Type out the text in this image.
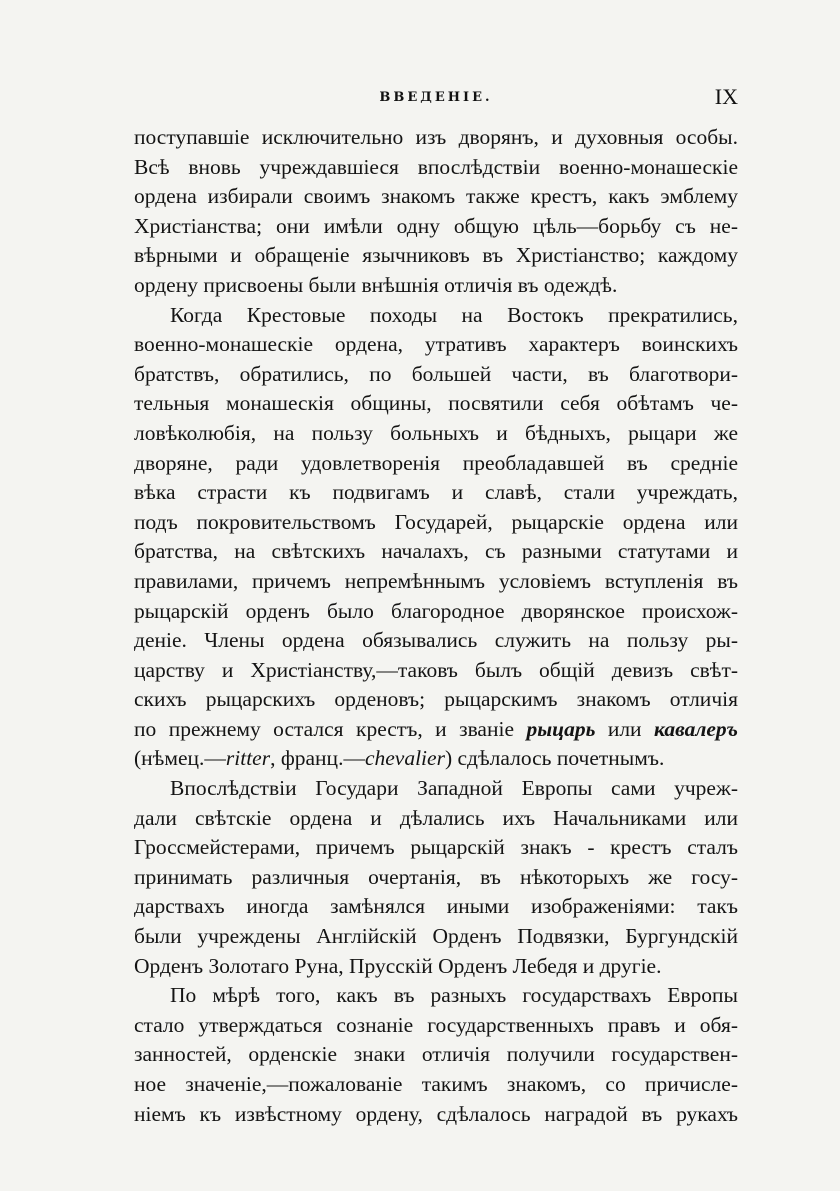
ВВЕДЕНІЕ.	IX
поступавшіе исключительно изъ дворянъ, и духовныя особы.
Всѣ вновь учреждавшіеся впослѣдствіи военно-монашескіе
ордена избирали своимъ знакомъ также крестъ, какъ эмблему
Христіанства; они имѣли одну общую цѣль—борьбу съ не-
вѣрными и обращеніе язычниковъ въ Христіанство; каждому
ордену присвоены были внѣшнія отличія въ одеждѣ.
Когда Крестовые походы на Востокъ прекратились,
военно-монашескіе ордена, утративъ характеръ воинскихъ
братствъ, обратились, по большей части, въ благотвори-
тельныя монашескія общины, посвятили себя обѣтамъ че-
ловѣколюбія, на пользу больныхъ и бѣдныхъ, рыцари же
дворяне, ради удовлетворенія преобладавшей въ средніе
вѣка страсти къ подвигамъ и славѣ, стали учреждать,
подъ покровительствомъ Государей, рыцарскіе ордена или
братства, на свѣтскихъ началахъ, съ разными статутами и
правилами, причемъ непремѣннымъ условіемъ вступленія въ
рыцарскій орденъ было благородное дворянское происхож-
деніе. Члены ордена обязывались служить на пользу ры-
царству и Христіанству,—таковъ былъ общій девизъ свѣт-
скихъ рыцарскихъ орденовъ; рыцарскимъ знакомъ отличія
по прежнему остался крестъ, и званіе рыцарь или кавалеръ
(нѣмец.—ritter, франц.—chevalier) сдѣлалось почетнымъ.
Впослѣдствіи Государи Западной Европы сами учреж-
дали свѣтскіе ордена и дѣлались ихъ Начальниками или
Гроссмейстерами, причемъ рыцарскій знакъ - крестъ сталъ
принимать различныя очертанія, въ нѣкоторыхъ же госу-
дарствахъ иногда замѣнялся иными изображеніями: такъ
были учреждены Англійскій Орденъ Подвязки, Бургундскій
Орденъ Золотаго Руна, Прусскій Орденъ Лебедя и другіе.
По мѣрѣ того, какъ въ разныхъ государствахъ Европы
стало утверждаться сознаніе государственныхъ правъ и обя-
занностей, орденскіе знаки отличія получили государствен-
ное значеніе,—пожалованіе такимъ знакомъ, со причисле-
ніемъ къ извѣстному ордену, сдѣлалось наградой въ рукахъ
